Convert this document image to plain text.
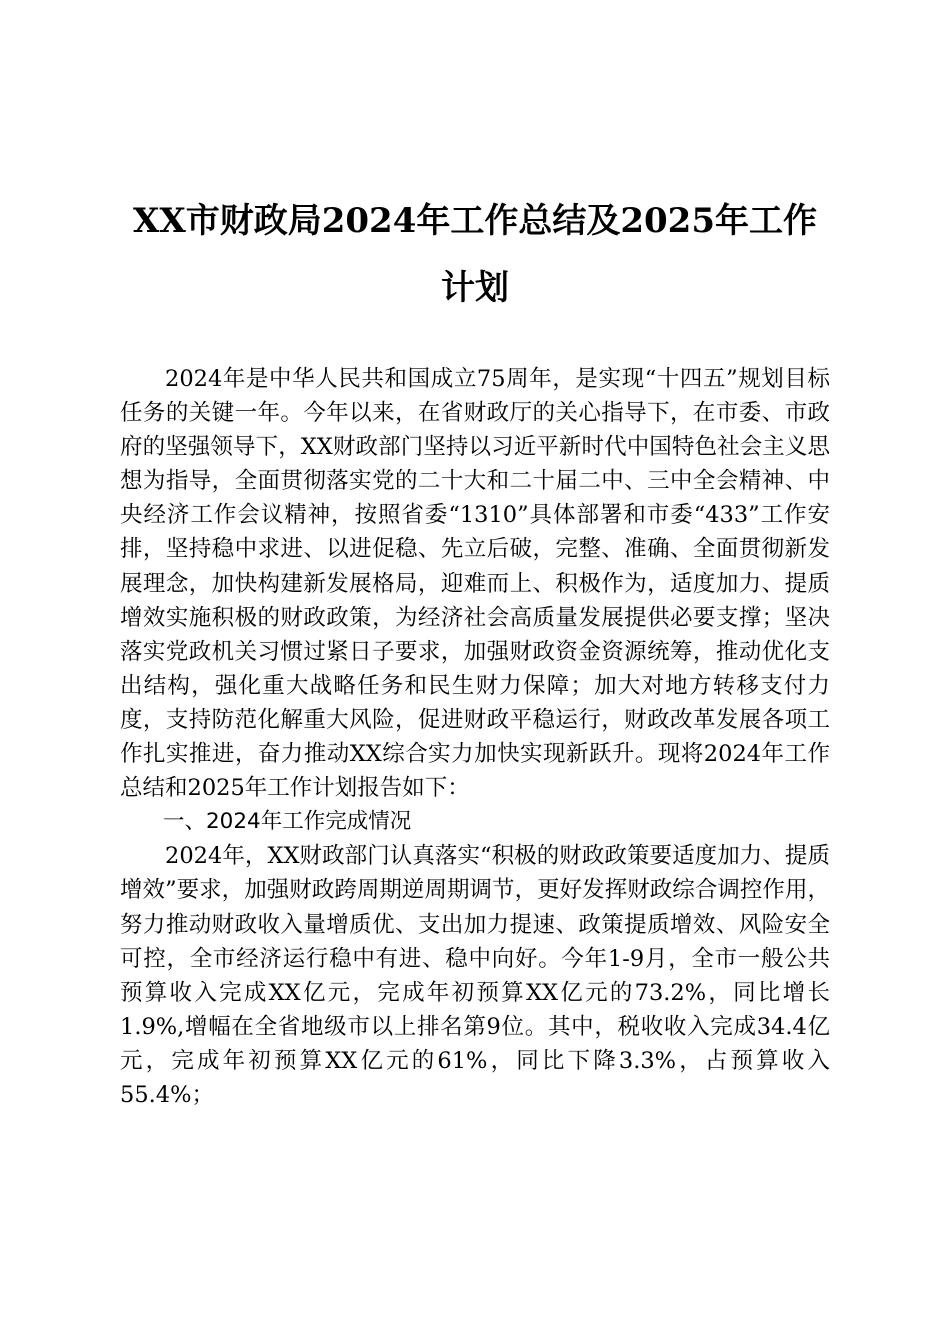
XX市财政局2024年工作总结及2025年工作
计划

2024年是中华人民共和国成立75周年，是实现“十四五”规划目标任务的关键一年。今年以来，在省财政厅的关心指导下，在市委、市政府的坚强领导下，XX财政部门坚持以习近平新时代中国特色社会主义思想为指导，全面贯彻落实党的二十大和二十届二中、三中全会精神、中央经济工作会议精神，按照省委“1310”具体部署和市委“433”工作安排，坚持稳中求进、以进促稳、先立后破，完整、准确、全面贯彻新发展理念，加快构建新发展格局，迎难而上、积极作为，适度加力、提质增效实施积极的财政政策，为经济社会高质量发展提供必要支撑；坚决落实党政机关习惯过紧日子要求，加强财政资金资源统筹，推动优化支出结构，强化重大战略任务和民生财力保障；加大对地方转移支付力度，支持防范化解重大风险，促进财政平稳运行，财政改革发展各项工作扎实推进，奋力推动XX综合实力加快实现新跃升。现将2024年工作总结和2025年工作计划报告如下：

一、2024年工作完成情况

2024年，XX财政部门认真落实“积极的财政政策要适度加力、提质增效”要求，加强财政跨周期逆周期调节，更好发挥财政综合调控作用，努力推动财政收入量增质优、支出加力提速、政策提质增效、风险安全可控，全市经济运行稳中有进、稳中向好。今年1-9月，全市一般公共预算收入完成XX亿元，完成年初预算XX亿元的73.2%，同比增长1.9%,增幅在全省地级市以上排名第9位。其中，税收收入完成34.4亿元，完成年初预算XX亿元的61%，同比下降3.3%，占预算收入55.4%；
